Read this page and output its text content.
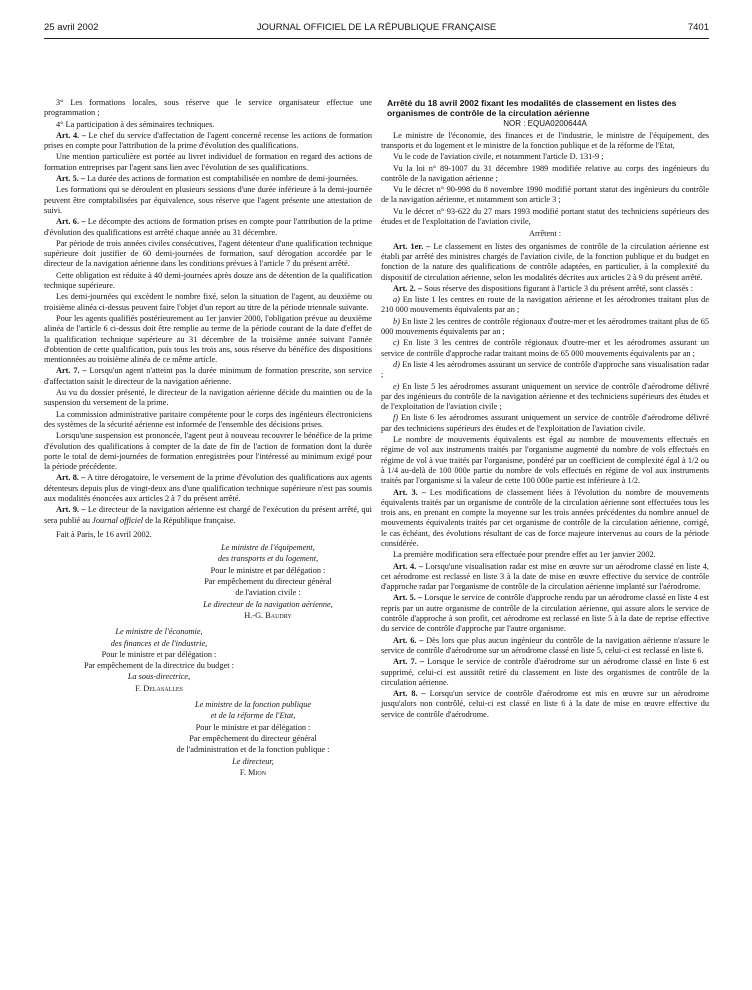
25 avril 2002	JOURNAL OFFICIEL DE LA RÉPUBLIQUE FRANÇAISE	7401

3° Les formations locales, sous réserve que le service organisateur effectue une programmation ;

4° La participation à des séminaires techniques.

Art. 4. – Le chef du service d'affectation de l'agent concerné recense les actions de formation prises en compte pour l'attribution de la prime d'évolution des qualifications.

Une mention particulière est portée au livret individuel de formation en regard des actions de formation entreprises par l'agent sans lien avec l'évolution de ses qualifications.

Art. 5. – La durée des actions de formation est comptabilisée en nombre de demi-journées.

Les formations qui se déroulent en plusieurs sessions d'une durée inférieure à la demi-journée peuvent être comptabilisées par équivalence, sous réserve que l'agent présente une attestation de suivi.

Art. 6. – Le décompte des actions de formation prises en compte pour l'attribution de la prime d'évolution des qualifications est arrêté chaque année au 31 décembre.

Par période de trois années civiles consécutives, l'agent détenteur d'une qualification technique supérieure doit justifier de 60 demi-journées de formation, sauf dérogation accordée par le directeur de la navigation aérienne dans les conditions prévues à l'article 7 du présent arrêté.

Cette obligation est réduite à 40 demi-journées après douze ans de détention de la qualification technique supérieure.

Les demi-journées qui excèdent le nombre fixé, selon la situation de l'agent, au deuxième ou troisième alinéa ci-dessus peuvent faire l'objet d'un report au titre de la période triennale suivante.

Pour les agents qualifiés postérieurement au 1er janvier 2000, l'obligation prévue au deuxième alinéa de l'article 6 ci-dessus doit être remplie au terme de la période courant de la date d'effet de la qualification technique supérieure au 31 décembre de la troisième année suivant l'année d'obtention de cette qualification, puis tous les trois ans, sous réserve du bénéfice des dispositions mentionnées au troisième alinéa de ce même article.

Art. 7. – Lorsqu'un agent n'atteint pas la durée minimum de formation prescrite, son service d'affectation saisit le directeur de la navigation aérienne.

Au vu du dossier présenté, le directeur de la navigation aérienne décide du maintien ou de la suspension du versement de la prime.

La commission administrative paritaire compétente pour le corps des ingénieurs électroniciens des systèmes de la sécurité aérienne est informée de l'ensemble des décisions prises.

Lorsqu'une suspension est prononcée, l'agent peut à nouveau recouvrer le bénéfice de la prime d'évolution des qualifications à compter de la date de fin de l'action de formation dont la durée porte le total de demi-journées de formation enregistrées pour l'intéressé au minimum exigé pour la période précédente.

Art. 8. – A titre dérogatoire, le versement de la prime d'évolution des qualifications aux agents détenteurs depuis plus de vingt-deux ans d'une qualification technique supérieure n'est pas soumis aux modalités énoncées aux articles 2 à 7 du présent arrêté.

Art. 9. – Le directeur de la navigation aérienne est chargé de l'exécution du présent arrêté, qui sera publié au Journal officiel de la République française.

Fait à Paris, le 16 avril 2002.

Le ministre de l'équipement,

des transports et du logement,

Pour le ministre et par délégation :

Par empêchement du directeur général

de l'aviation civile :

Le directeur de la navigation aérienne,

H.-G. Baudry

Le ministre de l'économie,

des finances et de l'industrie,

Pour le ministre et par délégation :

Par empêchement de la directrice du budget :

La sous-directrice,

F. Delasalles

Le ministre de la fonction publique

et de la réforme de l'Etat,

Pour le ministre et par délégation :

Par empêchement du directeur général

de l'administration et de la fonction publique :

Le directeur,

F. Mion

Arrêté du 18 avril 2002 fixant les modalités de classement en listes des organismes de contrôle de la circulation aérienne

NOR : EQUA0200644A

Le ministre de l'économie, des finances et de l'industrie, le ministre de l'équipement, des transports et du logement et le ministre de la fonction publique et de la réforme de l'Etat,

Vu le code de l'aviation civile, et notamment l'article D. 131-9 ;

Vu la loi n° 89-1007 du 31 décembre 1989 modifiée relative au corps des ingénieurs du contrôle de la navigation aérienne ;

Vu le décret n° 90-998 du 8 novembre 1990 modifié portant statut des ingénieurs du contrôle de la navigation aérienne, et notamment son article 3 ;

Vu le décret n° 93-622 du 27 mars 1993 modifié portant statut des techniciens supérieurs des études et de l'exploitation de l'aviation civile,

Arrêtent :

Art. 1er. – Le classement en listes des organismes de contrôle de la circulation aérienne est établi par arrêté des ministres chargés de l'aviation civile, de la fonction publique et du budget en fonction de la nature des qualifications de contrôle adaptées, en particulier, à la complexité du dispositif de circulation aérienne, selon les modalités décrites aux articles 2 à 9 du présent arrêté.

Art. 2. – Sous réserve des dispositions figurant à l'article 3 du présent arrêté, sont classés :

a) En liste 1 les centres en route de la navigation aérienne et les aérodromes traitant plus de 210 000 mouvements équivalents par an ;

b) En liste 2 les centres de contrôle régionaux d'outre-mer et les aérodromes traitant plus de 65 000 mouvements équivalents par an ;

c) En liste 3 les centres de contrôle régionaux d'outre-mer et les aérodromes assurant un service de contrôle d'approche radar traitant moins de 65 000 mouvements équivalents par an ;

d) En liste 4 les aérodromes assurant un service de contrôle d'approche sans visualisation radar ;

e) En liste 5 les aérodromes assurant uniquement un service de contrôle d'aérodrome délivré par des ingénieurs du contrôle de la navigation aérienne et des techniciens supérieurs des études et de l'exploitation de l'aviation civile ;

f) En liste 6 les aérodromes assurant uniquement un service de contrôle d'aérodrome délivré par des techniciens supérieurs des études et de l'exploitation de l'aviation civile.

Le nombre de mouvements équivalents est égal au nombre de mouvements effectués en régime de vol aux instruments traités par l'organisme augmenté du nombre de vols effectués en régime de vol à vue traités par l'organisme, pondéré par un coefficient de complexité égal à 1/2 ou à 1/4 au-delà de 100 000e partie du nombre de vols effectués en régime de vol aux instruments traités par l'organisme si la valeur de cette 100 000e partie est inférieure à 1/2.

Art. 3. – Les modifications de classement liées à l'évolution du nombre de mouvements équivalents traités par un organisme de contrôle de la circulation aérienne sont effectuées tous les trois ans, en prenant en compte la moyenne sur les trois années précédentes du nombre annuel de mouvements équivalents traités par cet organisme de contrôle de la circulation aérienne, corrigé, le cas échéant, des évolutions résultant de cas de force majeure intervenus au cours de la période considérée.

La première modification sera effectuée pour prendre effet au 1er janvier 2002.

Art. 4. – Lorsqu'une visualisation radar est mise en œuvre sur un aérodrome classé en liste 4, cet aérodrome est reclassé en liste 3 à la date de mise en œuvre effective du service de contrôle d'approche radar par l'organisme de contrôle de la circulation aérienne implanté sur l'aérodrome.

Art. 5. – Lorsque le service de contrôle d'approche rendu par un aérodrome classé en liste 4 est repris par un autre organisme de contrôle de la circulation aérienne, qui assure alors le service de contrôle d'approche à son profit, cet aérodrome est reclassé en liste 5 à la date de reprise effective du service de contrôle d'approche par l'autre organisme.

Art. 6. – Dès lors que plus aucun ingénieur du contrôle de la navigation aérienne n'assure le service de contrôle d'aérodrome sur un aérodrome classé en liste 5, celui-ci est reclassé en liste 6.

Art. 7. – Lorsque le service de contrôle d'aérodrome sur un aérodrome classé en liste 6 est supprimé, celui-ci est aussitôt retiré du classement en liste des organismes de contrôle de la circulation aérienne.

Art. 8. – Lorsqu'un service de contrôle d'aérodrome est mis en œuvre sur un aérodrome jusqu'alors non contrôlé, celui-ci est classé en liste 6 à la date de mise en œuvre effective du service de contrôle d'aérodrome.
